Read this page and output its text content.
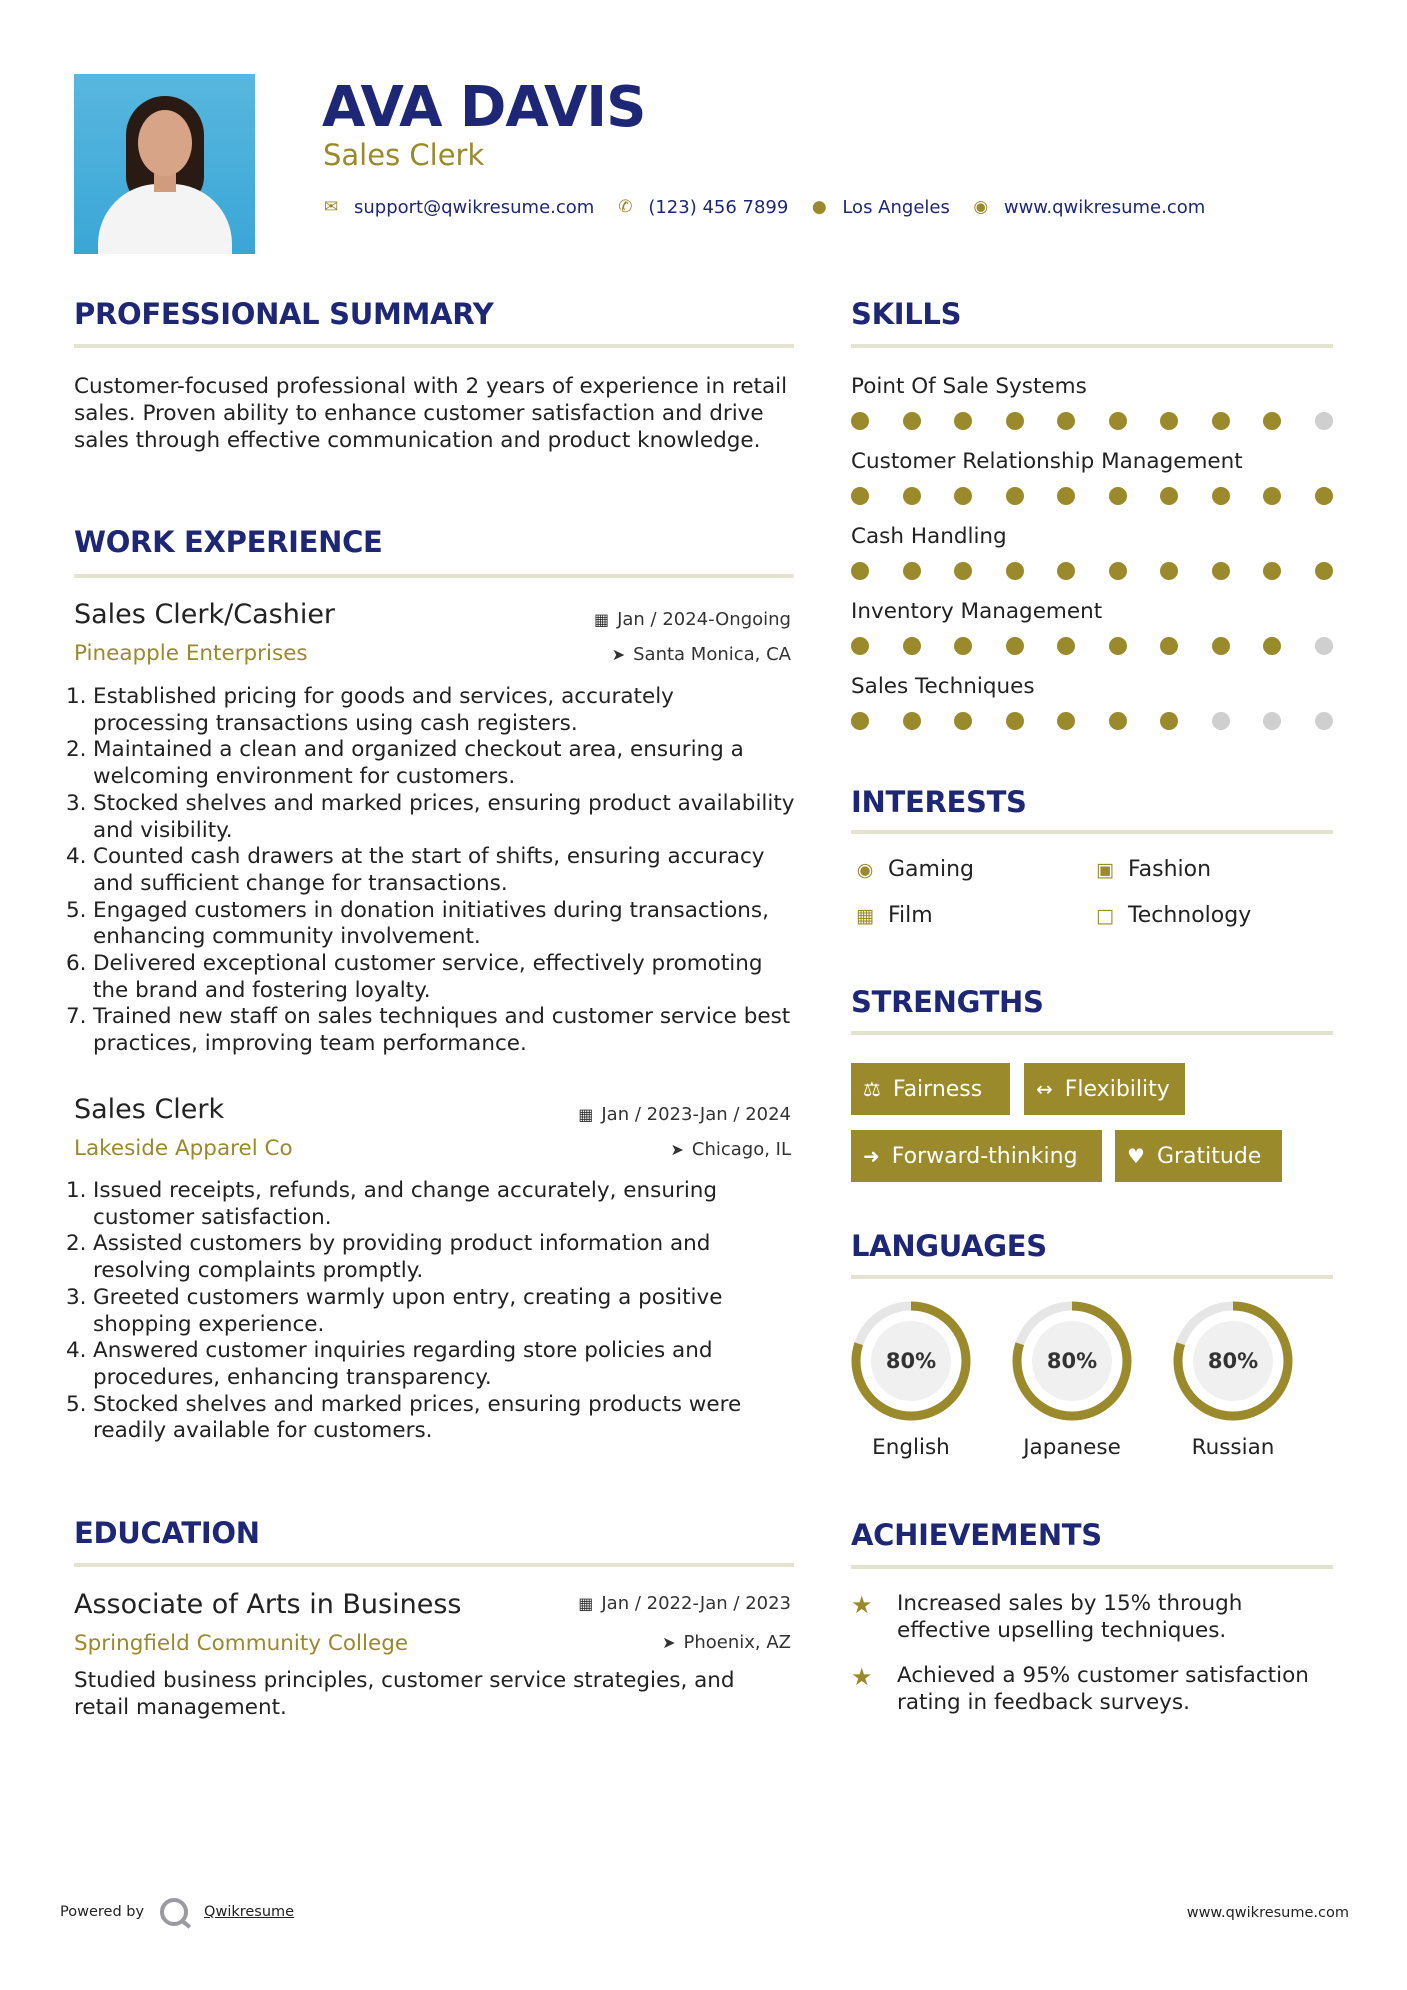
AVA DAVIS
Sales Clerk
✉ support@qwikresume.com ✆ (123) 456 7899 ● Los Angeles ◉ www.qwikresume.com
PROFESSIONAL SUMMARY
Customer-focused professional with 2 years of experience in retail sales. Proven ability to enhance customer satisfaction and drive sales through effective communication and product knowledge.
WORK EXPERIENCE
Sales Clerk/Cashier	▦ Jan / 2024-Ongoing
Pineapple Enterprises	➤ Santa Monica, CA
1. Established pricing for goods and services, accurately processing transactions using cash registers.
2. Maintained a clean and organized checkout area, ensuring a welcoming environment for customers.
3. Stocked shelves and marked prices, ensuring product availability and visibility.
4. Counted cash drawers at the start of shifts, ensuring accuracy and sufficient change for transactions.
5. Engaged customers in donation initiatives during transactions, enhancing community involvement.
6. Delivered exceptional customer service, effectively promoting the brand and fostering loyalty.
7. Trained new staff on sales techniques and customer service best practices, improving team performance.
Sales Clerk	▦ Jan / 2023-Jan / 2024
Lakeside Apparel Co	➤ Chicago, IL
1. Issued receipts, refunds, and change accurately, ensuring customer satisfaction.
2. Assisted customers by providing product information and resolving complaints promptly.
3. Greeted customers warmly upon entry, creating a positive shopping experience.
4. Answered customer inquiries regarding store policies and procedures, enhancing transparency.
5. Stocked shelves and marked prices, ensuring products were readily available for customers.
EDUCATION
Associate of Arts in Business	▦ Jan / 2022-Jan / 2023
Springfield Community College	➤ Phoenix, AZ
Studied business principles, customer service strategies, and retail management.
SKILLS
Point Of Sale Systems
Customer Relationship Management
Cash Handling
Inventory Management
Sales Techniques
INTERESTS
◉ Gaming	▣ Fashion
▦ Film	□ Technology
STRENGTHS
⚖ Fairness	↔ Flexibility
➜ Forward-thinking ♥ Gratitude
LANGUAGES
80%
English
80%
Japanese
80%
Russian
ACHIEVEMENTS
★ Increased sales by 15% through effective upselling techniques.
★ Achieved a 95% customer satisfaction rating in feedback surveys.
Powered by	Qwikresume	www.qwikresume.com
